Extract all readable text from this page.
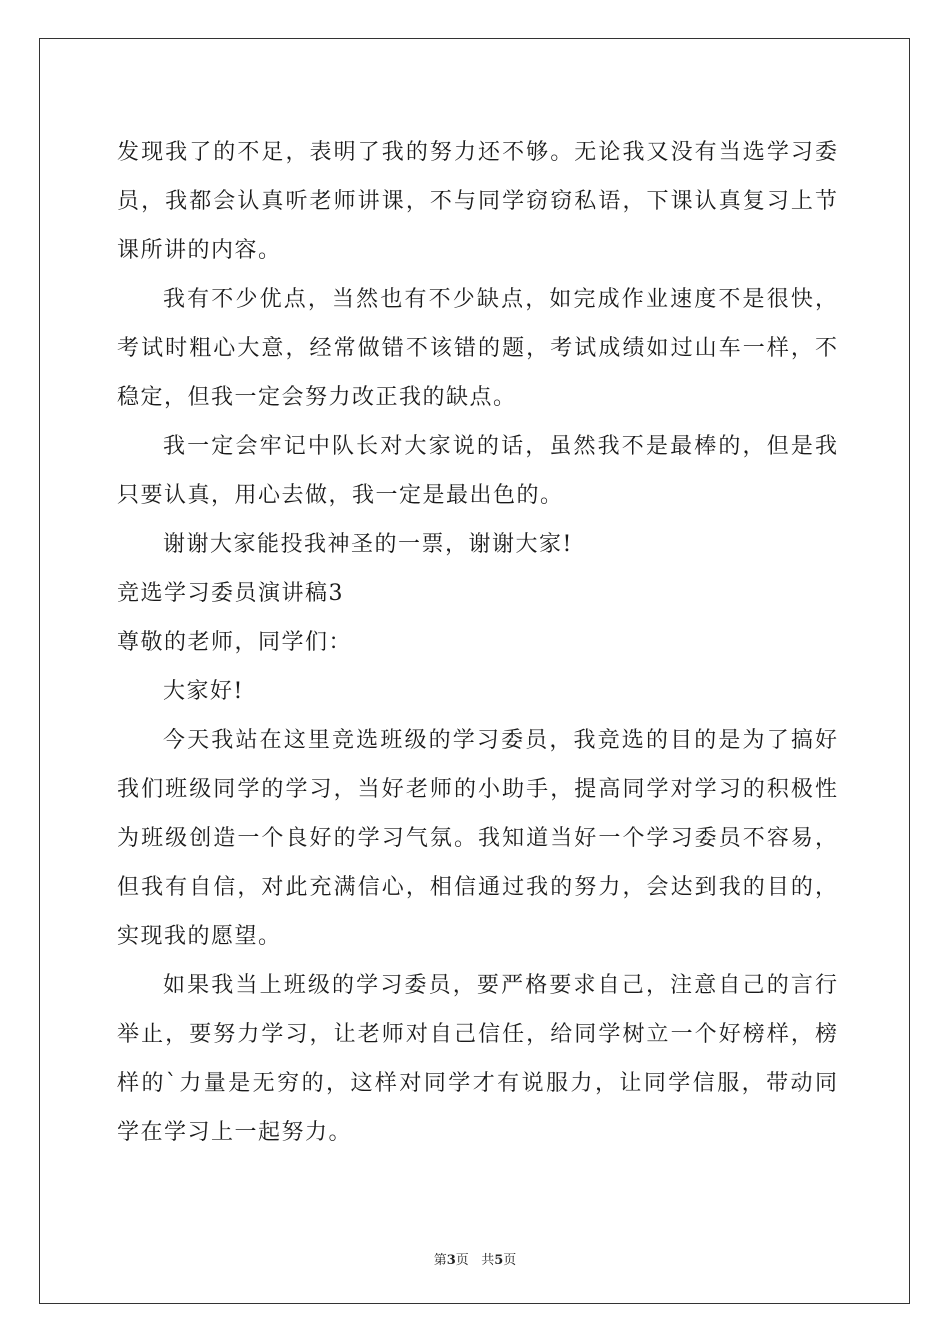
发现我了的不足，表明了我的努力还不够。无论我又没有当选学习委

员，我都会认真听老师讲课，不与同学窃窃私语，下课认真复习上节

课所讲的内容。

我有不少优点，当然也有不少缺点，如完成作业速度不是很快，

考试时粗心大意，经常做错不该错的题，考试成绩如过山车一样，不

稳定，但我一定会努力改正我的缺点。

我一定会牢记中队长对大家说的话，虽然我不是最棒的，但是我

只要认真，用心去做，我一定是最出色的。

谢谢大家能投我神圣的一票，谢谢大家!

竞选学习委员演讲稿3

尊敬的老师，同学们：

大家好!

今天我站在这里竞选班级的学习委员，我竞选的目的是为了搞好

我们班级同学的学习，当好老师的小助手，提高同学对学习的积极性

为班级创造一个良好的学习气氛。我知道当好一个学习委员不容易，

但我有自信，对此充满信心，相信通过我的努力，会达到我的目的，

实现我的愿望。

如果我当上班级的学习委员，要严格要求自己，注意自己的言行

举止，要努力学习，让老师对自己信任，给同学树立一个好榜样，榜

样的`力量是无穷的，这样对同学才有说服力，让同学信服，带动同

学在学习上一起努力。

第3页 共5页
